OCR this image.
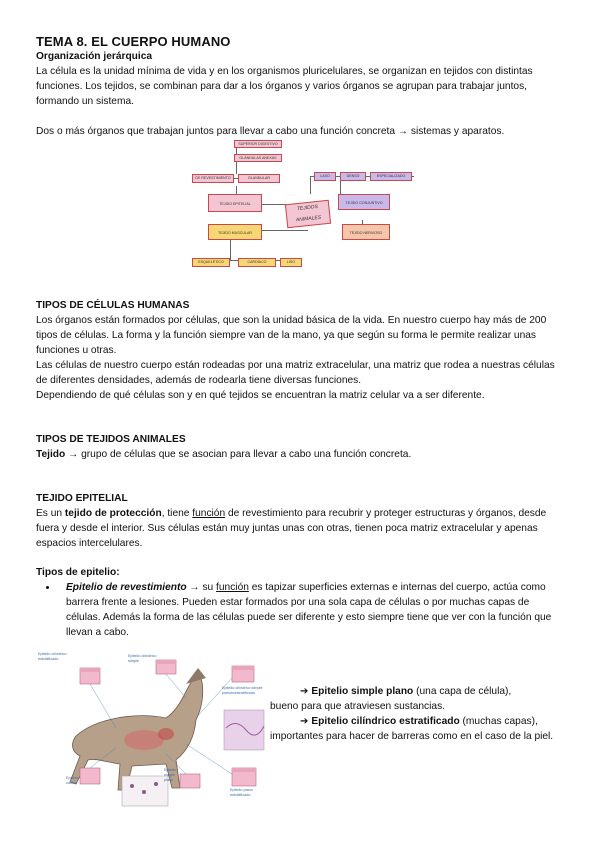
TEMA 8. EL CUERPO HUMANO
Organización jerárquica

La célula es la unidad mínima de vida y en los organismos pluricelulares, se organizan en tejidos con distintas funciones. Los tejidos, se combinan para dar a los órganos y varios órganos se agrupan para trabajar juntos, formando un sistema.

Dos o más órganos que trabajan juntos para llevar a cabo una función concreta → sistemas y aparatos.

TIPOS DE CÉLULAS HUMANAS

Los órganos están formados por células, que son la unidad básica de la vida. En nuestro cuerpo hay más de 200 tipos de células. La forma y la función siempre van de la mano, ya que según su forma le permite realizar unas funciones u otras.

Las células de nuestro cuerpo están rodeadas por una matriz extracelular, una matriz que rodea a nuestras células de diferentes densidades, además de rodearla tiene diversas funciones.

Dependiendo de qué células son y en qué tejidos se encuentran la matriz celular va a ser diferente.

TIPOS DE TEJIDOS ANIMALES

Tejido → grupo de células que se asocian para llevar a cabo una función concreta.

TEJIDO EPITELIAL

Es un tejido de protección, tiene función de revestimiento para recubrir y proteger estructuras y órganos, desde fuera y desde el interior. Sus células están muy juntas unas con otras, tienen poca matriz extracelular y apenas espacios intercelulares.

Tipos de epitelio:
• Epitelio de revestimiento → su función es tapizar superficies externas e internas del cuerpo, actúa como barrera frente a lesiones. Pueden estar formados por una sola capa de células o por muchas capas de células. Además la forma de las células puede ser diferente y esto siempre tiene que ver con la función que llevan a cabo.
SUPERIOR DIGESTIVO
GLÁNDULAS ANEXAS
DE REVESTIMIENTO	GLANDULAR
TEJIDO EPITELIAL	TEJIDOS ANIMALES
TEJIDO MUSCULAR
ESQUELÉTICO	CARDÍACO	LISO
LAXO	DENSO	ESPECIALIZADO
TEJIDO CONJUNTIVO
TEJIDO NERVIOSO
Epitelio cilíndrico estratificado
Epitelio cilíndrico simple
Epitelio cilíndrico simple pseudoestratificado
Epitelio cúbico
Epitelio simple plano
Epitelio plano estratificado

➔ Epitelio simple plano (una capa de célula),

bueno para que atraviesen sustancias.

➔ Epitelio cilíndrico estratificado (muchas capas),

importantes para hacer de barreras como en el caso de la piel.
